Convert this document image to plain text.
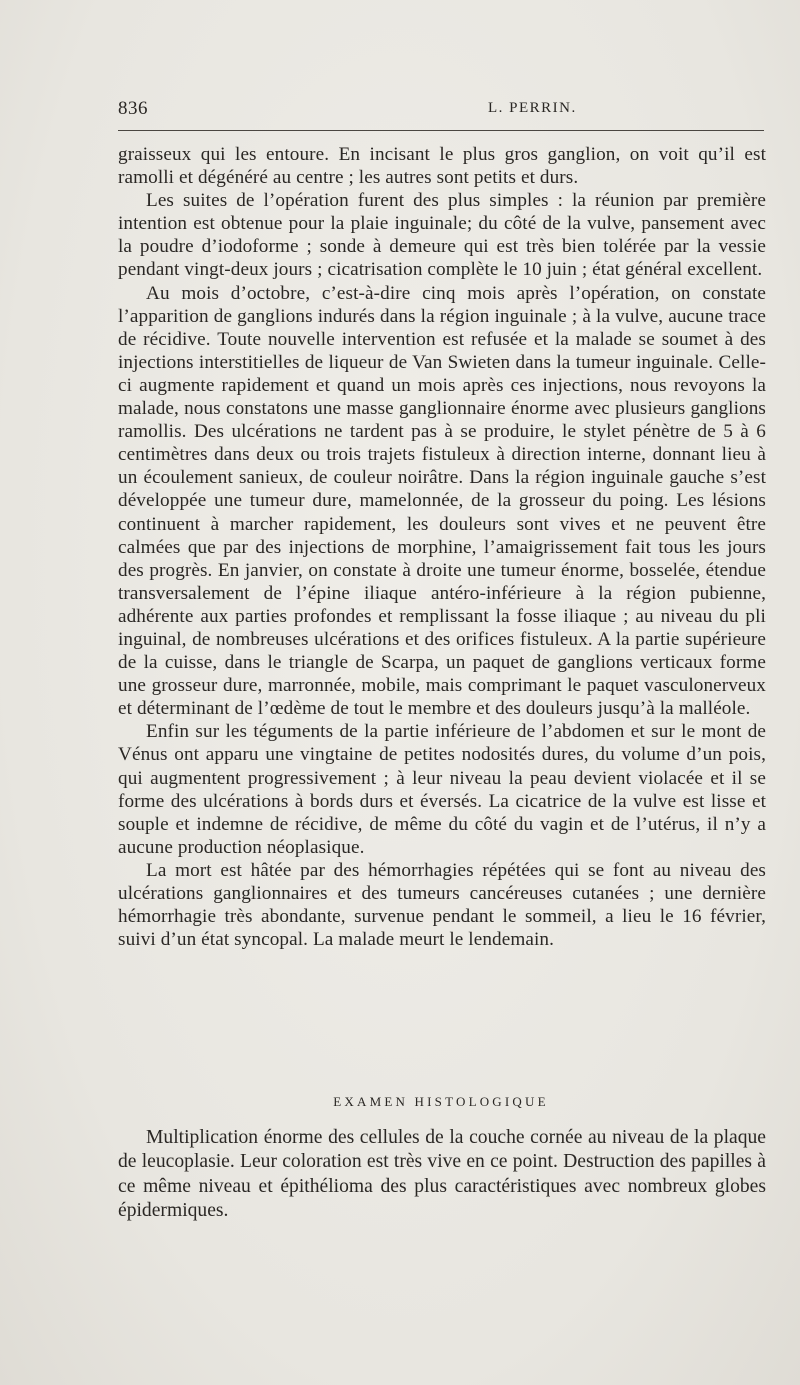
836	L. PERRIN.

graisseux qui les entoure. En incisant le plus gros ganglion, on voit qu’il est ramolli et dégénéré au centre ; les autres sont petits et durs.

Les suites de l’opération furent des plus simples : la réunion par première intention est obtenue pour la plaie inguinale; du côté de la vulve, pansement avec la poudre d’iodoforme ; sonde à demeure qui est très bien tolérée par la vessie pendant vingt-deux jours ; cicatrisation complète le 10 juin ; état général excellent.

Au mois d’octobre, c’est-à-dire cinq mois après l’opération, on constate l’apparition de ganglions indurés dans la région inguinale ; à la vulve, aucune trace de récidive. Toute nouvelle intervention est refusée et la malade se soumet à des injections interstitielles de liqueur de Van Swieten dans la tumeur inguinale. Celle-ci augmente rapidement et quand un mois après ces injections, nous revoyons la malade, nous constatons une masse ganglionnaire énorme avec plusieurs ganglions ramollis. Des ulcérations ne tardent pas à se produire, le stylet pénètre de 5 à 6 centimètres dans deux ou trois trajets fistuleux à direction interne, donnant lieu à un écoulement sanieux, de couleur noirâtre. Dans la région inguinale gauche s’est développée une tumeur dure, mamelonnée, de la grosseur du poing. Les lésions continuent à marcher rapidement, les douleurs sont vives et ne peuvent être calmées que par des injections de morphine, l’amaigrissement fait tous les jours des progrès. En janvier, on constate à droite une tumeur énorme, bosselée, étendue transversalement de l’épine iliaque antéro-inférieure à la région pubienne, adhérente aux parties profondes et remplissant la fosse iliaque ; au niveau du pli inguinal, de nombreuses ulcérations et des orifices fistuleux. A la partie supérieure de la cuisse, dans le triangle de Scarpa, un paquet de ganglions verticaux forme une grosseur dure, marronnée, mobile, mais comprimant le paquet vasculonerveux et déterminant de l’œdème de tout le membre et des douleurs jusqu’à la malléole.

Enfin sur les téguments de la partie inférieure de l’abdomen et sur le mont de Vénus ont apparu une vingtaine de petites nodosités dures, du volume d’un pois, qui augmentent progressivement ; à leur niveau la peau devient violacée et il se forme des ulcérations à bords durs et éversés. La cicatrice de la vulve est lisse et souple et indemne de récidive, de même du côté du vagin et de l’utérus, il n’y a aucune production néoplasique.

La mort est hâtée par des hémorrhagies répétées qui se font au niveau des ulcérations ganglionnaires et des tumeurs cancéreuses cutanées ; une dernière hémorrhagie très abondante, survenue pendant le sommeil, a lieu le 16 février, suivi d’un état syncopal. La malade meurt le lendemain.

EXAMEN HISTOLOGIQUE

Multiplication énorme des cellules de la couche cornée au niveau de la plaque de leucoplasie. Leur coloration est très vive en ce point. Destruction des papilles à ce même niveau et épithélioma des plus caractéristiques avec nombreux globes épidermiques.
